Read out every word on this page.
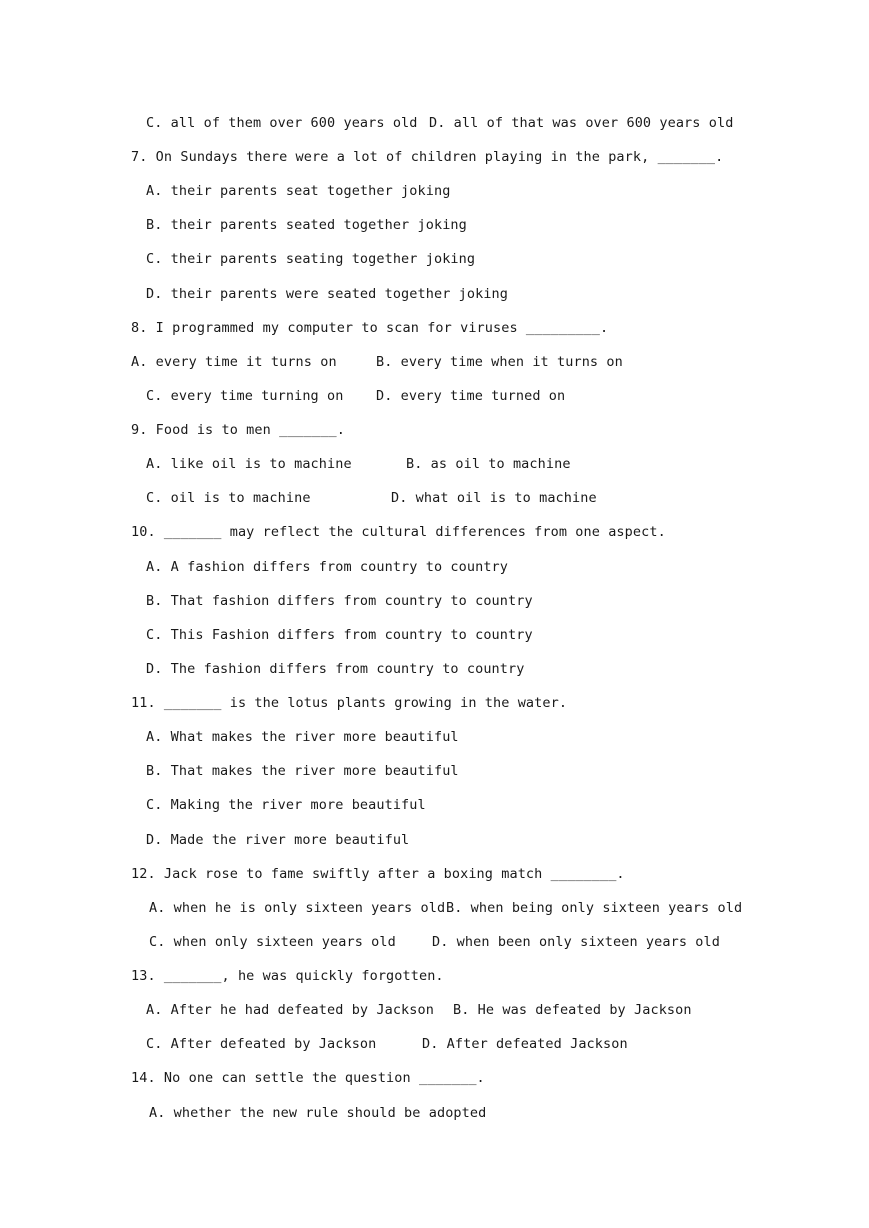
C. all of them over 600 years old D. all of that was over 600 years old
7. On Sundays there were a lot of children playing in the park, _______.
A. their parents seat together joking
B. their parents seated together joking
C. their parents seating together joking
D. their parents were seated together joking
8. I programmed my computer to scan for viruses _________.
A. every time it turns on	B. every time when it turns on
C. every time turning on D. every time turned on
9. Food is to men _______.
A. like oil is to machine	B. as oil to machine
C. oil is to machine	D. what oil is to machine
10. _______ may reflect the cultural differences from one aspect.
A. A fashion differs from country to country
B. That fashion differs from country to country
C. This Fashion differs from country to country
D. The fashion differs from country to country
11. _______ is the lotus plants growing in the water.
A. What makes the river more beautiful
B. That makes the river more beautiful
C. Making the river more beautiful
D. Made the river more beautiful
12. Jack rose to fame swiftly after a boxing match ________.
A. when he is only sixteen years old B. when being only sixteen years old
C. when only sixteen years old	D. when been only sixteen years old
13. _______, he was quickly forgotten.
A. After he had defeated by Jackson B. He was defeated by Jackson
C. After defeated by Jackson	D. After defeated Jackson
14. No one can settle the question _______.
A. whether the new rule should be adopted
